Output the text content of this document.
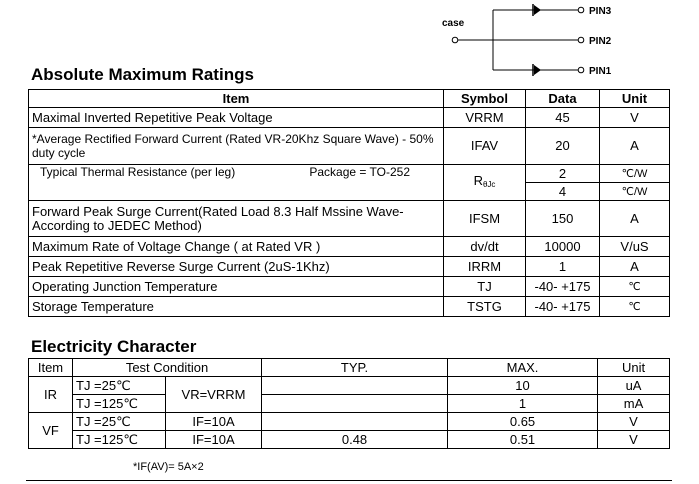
case
PIN3
PIN2
PIN1
Absolute Maximum Ratings
Item	Symbol	Data	Unit
Maximal Inverted Repetitive Peak Voltage	VRRM	45	V
*Average Rectified Forward Current (Rated VR-20Khz Square Wave) - 50% duty cycle	IFAV	20	A

Typical Thermal Resistance (per leg) Package = TO-252	$R_{\theta Jc}$	2	℃/W
		4	℃/W
Forward Peak Surge Current(Rated Load 8.3 Half Mssine Wave-According to JEDEC Method)	IFSM	150	A
Maximum Rate of Voltage Change ( at Rated VR )	dv/dt	10000	V/uS
Peak Repetitive Reverse Surge Current (2uS-1Khz)	IRRM	1	A
Operating Junction Temperature	TJ	-40- +175	℃
Storage Temperature	TSTG	-40- +175	℃
Electricity Character
Item	Test Condition		TYP.	MAX.	Unit
IR	TJ =25℃	VR=VRRM		10	uA
	TJ =125℃			1	mA
VF	TJ =25℃	IF=10A		0.65	V
	TJ =125℃	IF=10A	0.48	0.51	V

*IF(AV)= 5A×2
